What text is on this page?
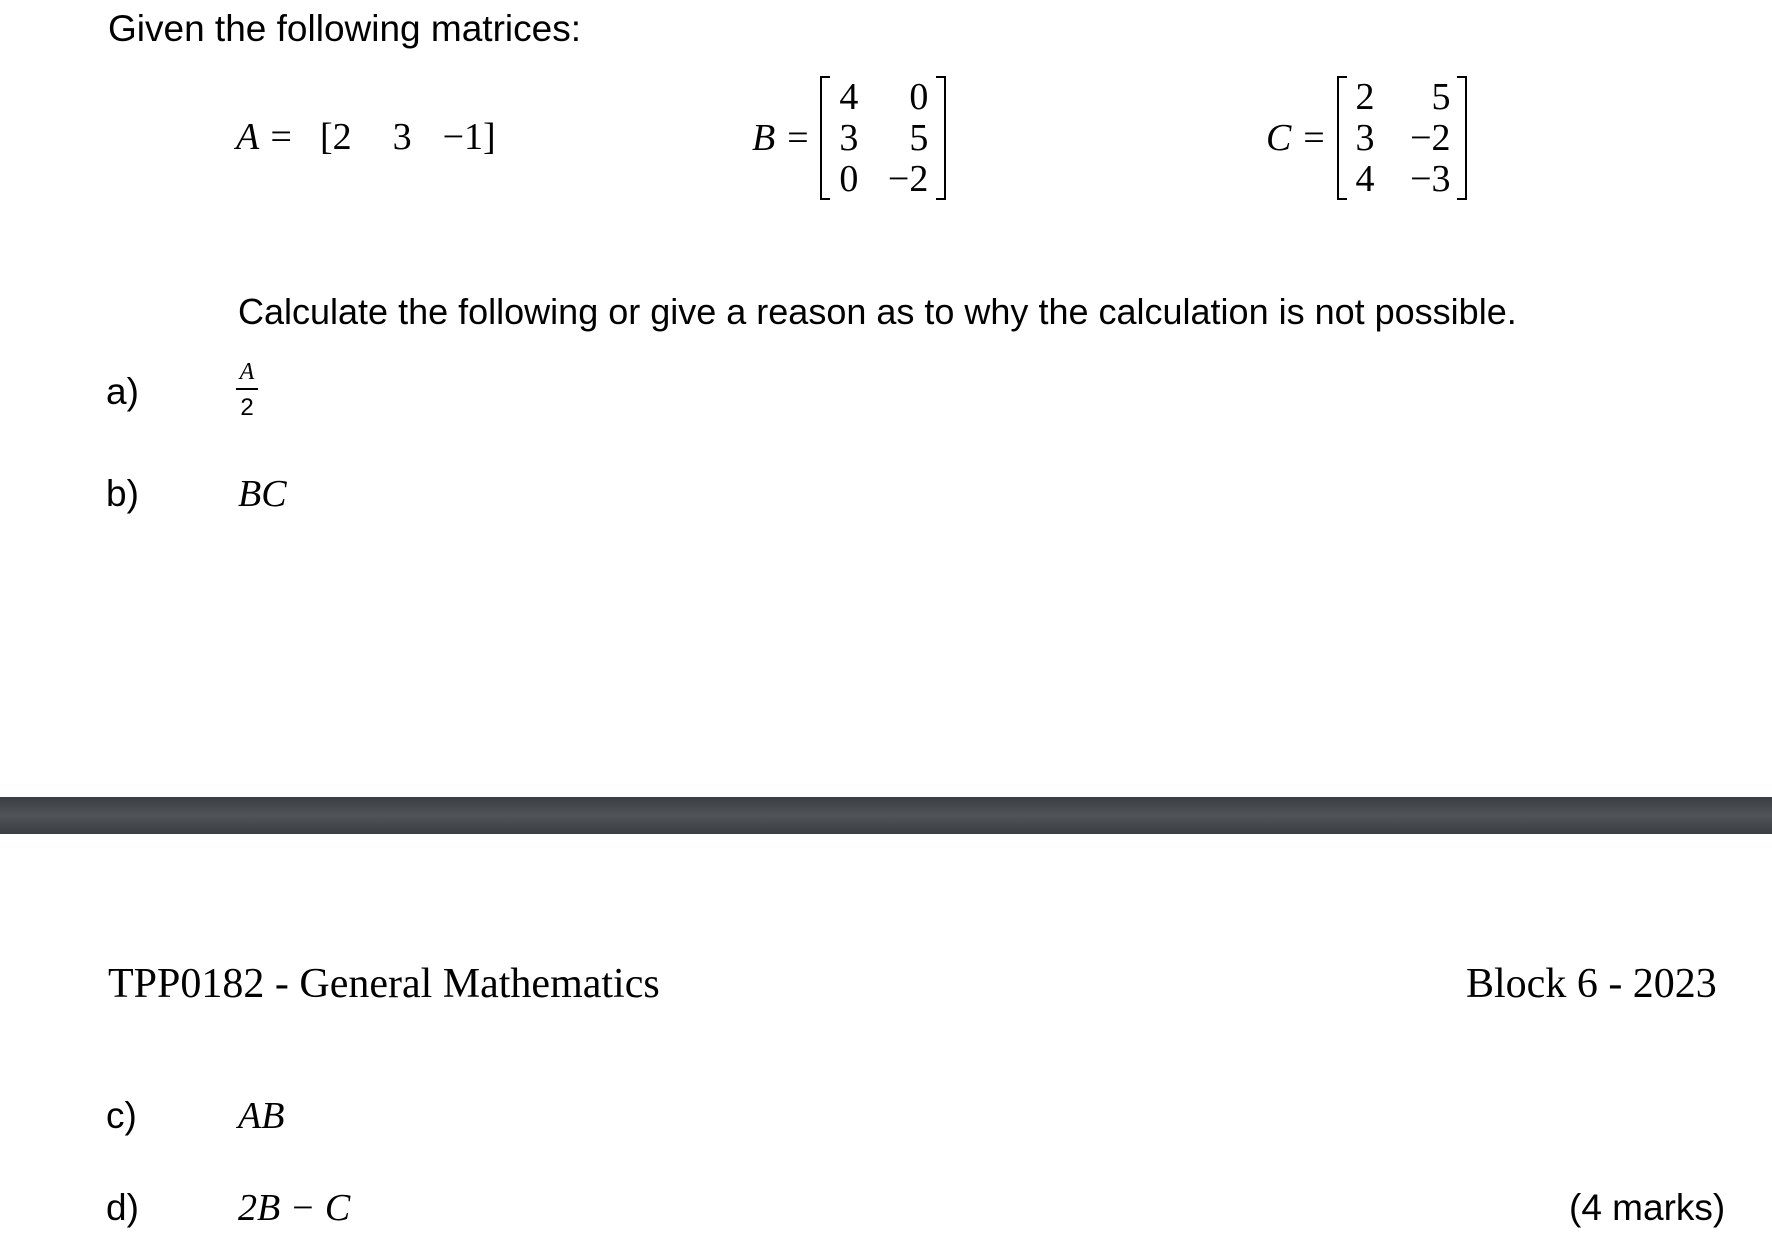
Given the following matrices:
A = [2	3 −1]	B =
4	0
3	5
0 −2
C =
2	5
3 −2
4 −3
Calculate the following or give a reason as to why the calculation is not possible.
a)	A
2
b)	BC
TPP0182 - General Mathematics	Block 6 - 2023
c)	AB
d)	2B − C	(4 marks)
